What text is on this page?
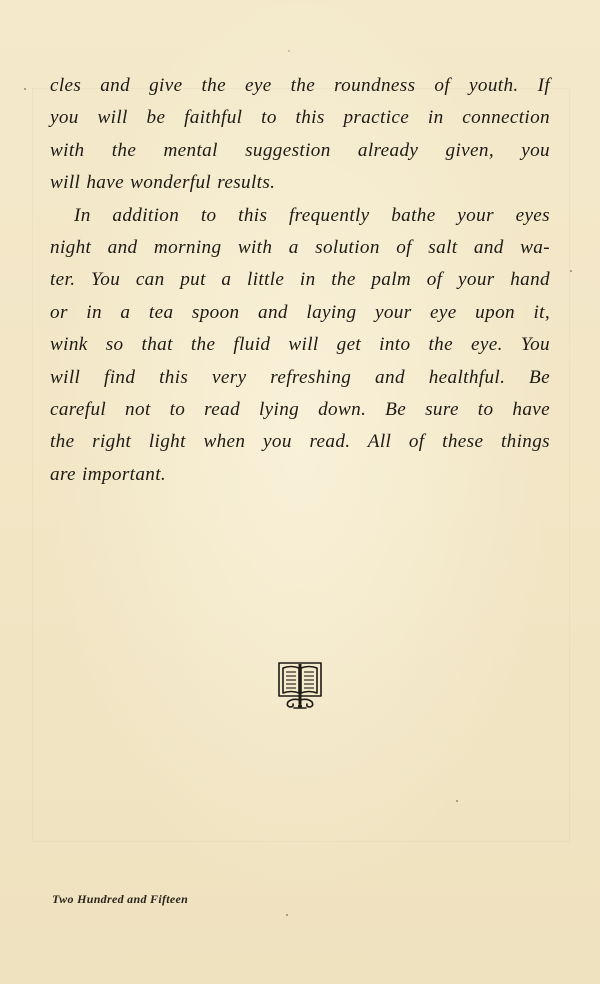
cles and give the eye the roundness of youth. If
you will be faithful to this practice in connection
with the mental suggestion already given, you
will have wonderful results.
In addition to this frequently bathe your eyes
night and morning with a solution of salt and wa-
ter. You can put a little in the palm of your hand
or in a tea spoon and laying your eye upon it,
wink so that the fluid will get into the eye. You
will find this very refreshing and healthful. Be
careful not to read lying down. Be sure to have
the right light when you read. All of these things
are important.
Two Hundred and Fifteen
